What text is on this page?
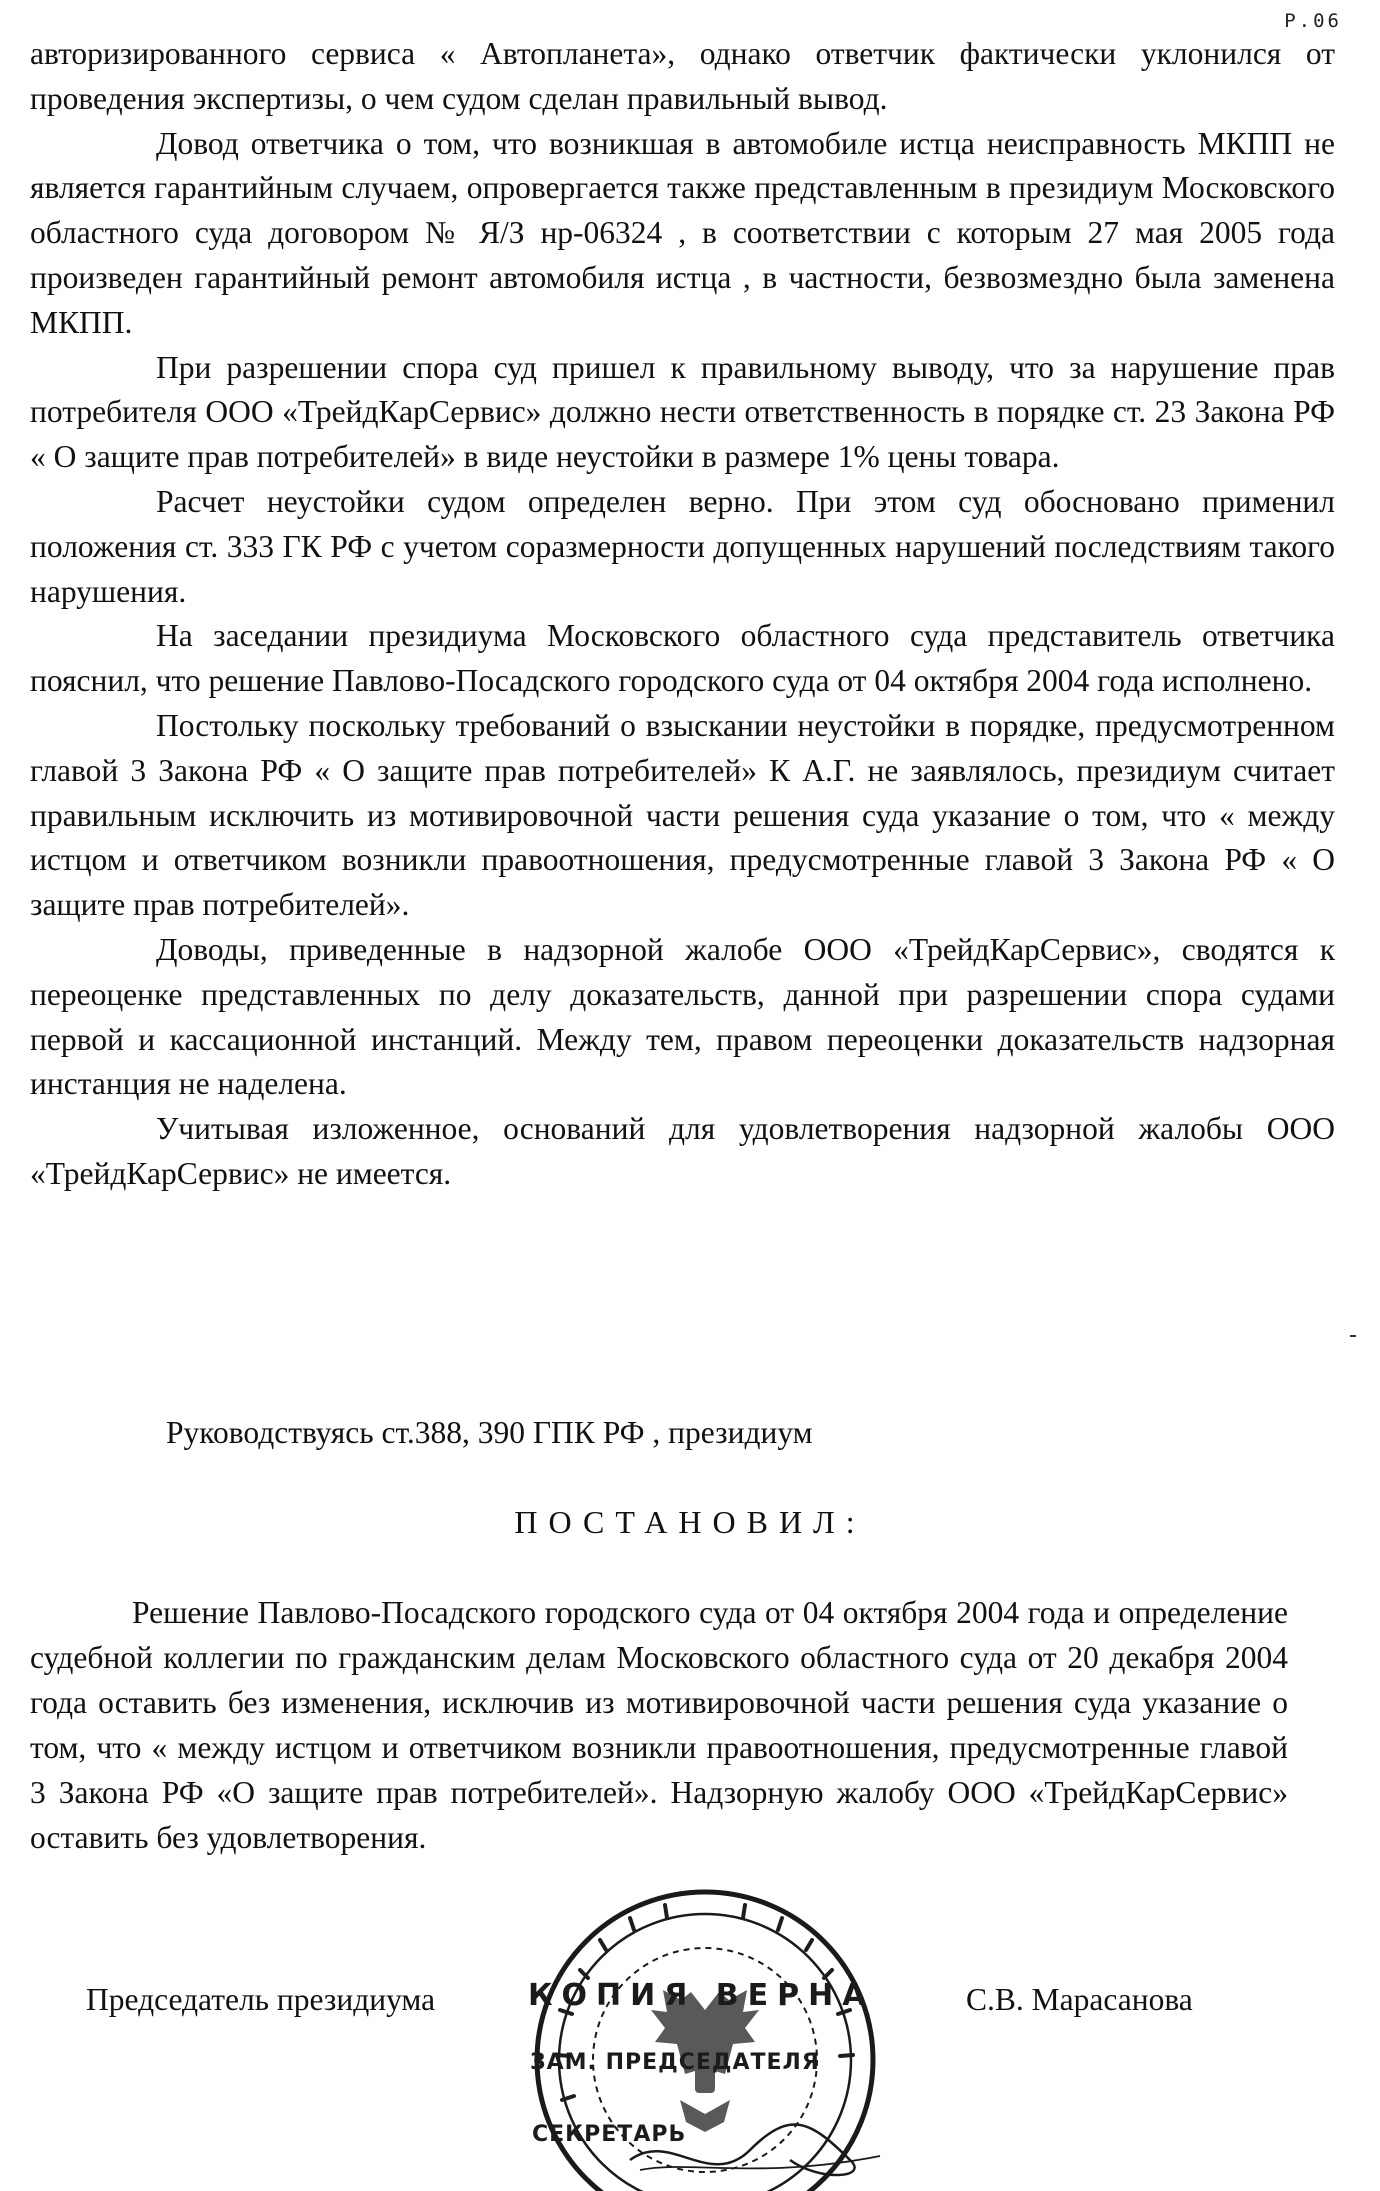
P.06

авторизированного сервиса « Автопланета», однако ответчик фактически уклонился от проведения экспертизы, о чем судом сделан правильный вывод.

Довод ответчика о том, что возникшая в автомобиле истца неисправность МКПП не является гарантийным случаем, опровергается также представленным в президиум Московского областного суда договором № Я/З нр-06324 , в соответствии с которым 27 мая 2005 года произведен гарантийный ремонт автомобиля истца , в частности, безвозмездно была заменена МКПП.

При разрешении спора суд пришел к правильному выводу, что за нарушение прав потребителя ООО «ТрейдКарСервис» должно нести ответственность в порядке ст. 23 Закона РФ « О защите прав потребителей» в виде неустойки в размере 1% цены товара.

Расчет неустойки судом определен верно. При этом суд обосновано применил положения ст. 333 ГК РФ с учетом соразмерности допущенных нарушений последствиям такого нарушения.

На заседании президиума Московского областного суда представитель ответчика пояснил, что решение Павлово-Посадского городского суда от 04 октября 2004 года исполнено.

Постольку поскольку требований о взыскании неустойки в порядке, предусмотренном главой 3 Закона РФ « О защите прав потребителей» К А.Г. не заявлялось, президиум считает правильным исключить из мотивировочной части решения суда указание о том, что « между истцом и ответчиком возникли правоотношения, предусмотренные главой 3 Закона РФ « О защите прав потребителей».

Доводы, приведенные в надзорной жалобе ООО «ТрейдКарСервис», сводятся к переоценке представленных по делу доказательств, данной при разрешении спора судами первой и кассационной инстанций. Между тем, правом переоценки доказательств надзорная инстанция не наделена.

Учитывая изложенное, оснований для удовлетворения надзорной жалобы ООО «ТрейдКарСервис» не имеется.

Руководствуясь ст.388, 390 ГПК РФ , президиум
ПОСТАНОВИЛ:

Решение Павлово-Посадского городского суда от 04 октября 2004 года и определение судебной коллегии по гражданским делам Московского областного суда от 20 декабря 2004 года оставить без изменения, исключив из мотивировочной части решения суда указание о том, что « между истцом и ответчиком возникли правоотношения, предусмотренные главой 3 Закона РФ «О защите прав потребителей». Надзорную жалобу ООО «ТрейдКарСервис» оставить без удовлетворения.

КОПИЯ ВЕРНА
ЗАМ. ПРЕДСЕДАТЕЛЯ
СЕКРЕТАРЬ
Председатель президиума	С.В. Марасанова
